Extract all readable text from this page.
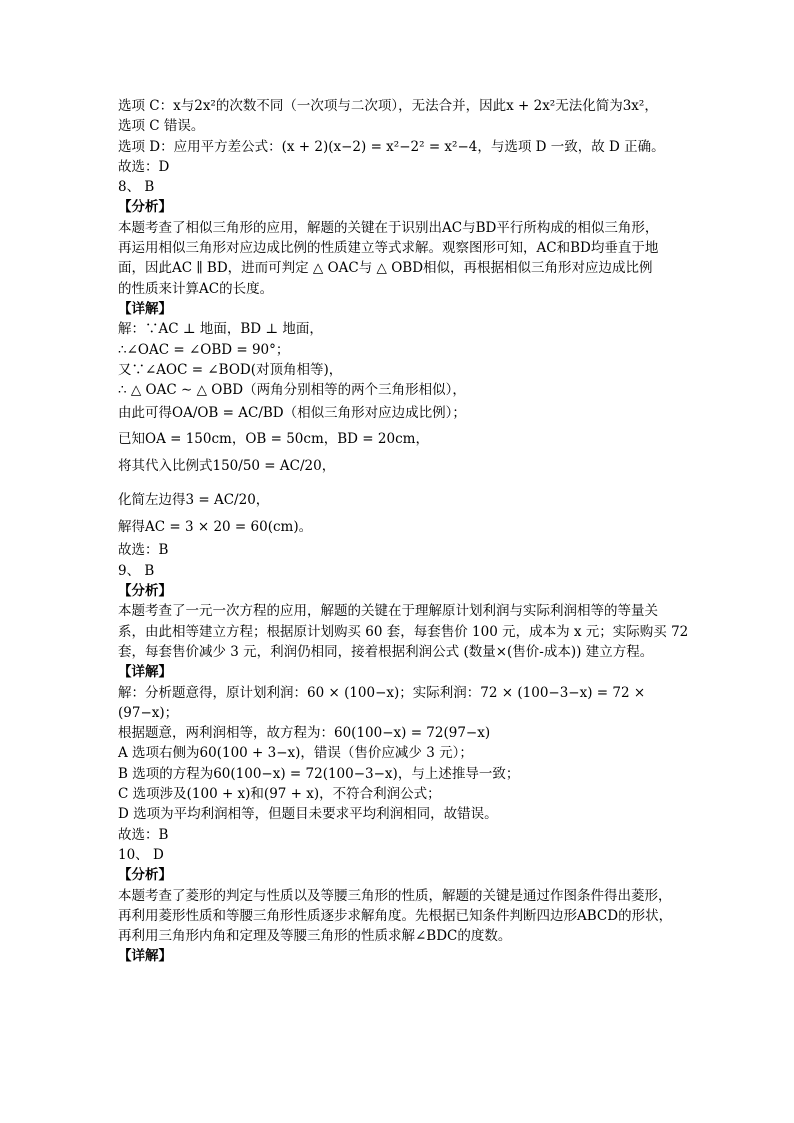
选项 C：x与2x²的次数不同（一次项与二次项），无法合并，因此x + 2x²无法化简为3x²，
选项 C 错误。
选项 D：应用平方差公式：(x + 2)(x−2) = x²−2² = x²−4，与选项 D 一致，故 D 正确。
故选：D
8、 B
【分析】
本题考查了相似三角形的应用，解题的关键在于识别出AC与BD平行所构成的相似三角形，
再运用相似三角形对应边成比例的性质建立等式求解。观察图形可知，AC和BD均垂直于地
面，因此AC ∥ BD，进而可判定 △ OAC与 △ OBD相似，再根据相似三角形对应边成比例
的性质来计算AC的长度。
【详解】
解：∵AC ⊥ 地面，BD ⊥ 地面，
∴∠OAC = ∠OBD = 90°；
又∵∠AOC = ∠BOD(对顶角相等)，
∴ △ OAC ∼ △ OBD（两角分别相等的两个三角形相似），
由此可得OA/OB = AC/BD（相似三角形对应边成比例）；
已知OA = 150cm，OB = 50cm，BD = 20cm，
将其代入比例式150/50 = AC/20，
化简左边得3 = AC/20，
解得AC = 3 × 20 = 60(cm)。
故选：B
9、 B
【分析】
本题考查了一元一次方程的应用，解题的关键在于理解原计划利润与实际利润相等的等量关
系，由此相等建立方程；根据原计划购买 60 套，每套售价 100 元，成本为 x 元；实际购买 72
套，每套售价减少 3 元，利润仍相同，接着根据利润公式 (数量×(售价-成本)) 建立方程。
【详解】
解：分析题意得，原计划利润：60 × (100−x)；实际利润：72 × (100−3−x) = 72 ×
(97−x)；
根据题意，两利润相等，故方程为：60(100−x) = 72(97−x)
A 选项右侧为60(100 + 3−x)，错误（售价应减少 3 元）；
B 选项的方程为60(100−x) = 72(100−3−x)，与上述推导一致；
C 选项涉及(100 + x)和(97 + x)，不符合利润公式；
D 选项为平均利润相等，但题目未要求平均利润相同，故错误。
故选：B
10、 D
【分析】
本题考查了菱形的判定与性质以及等腰三角形的性质，解题的关键是通过作图条件得出菱形，
再利用菱形性质和等腰三角形性质逐步求解角度。先根据已知条件判断四边形ABCD的形状，
再利用三角形内角和定理及等腰三角形的性质求解∠BDC的度数。
【详解】
